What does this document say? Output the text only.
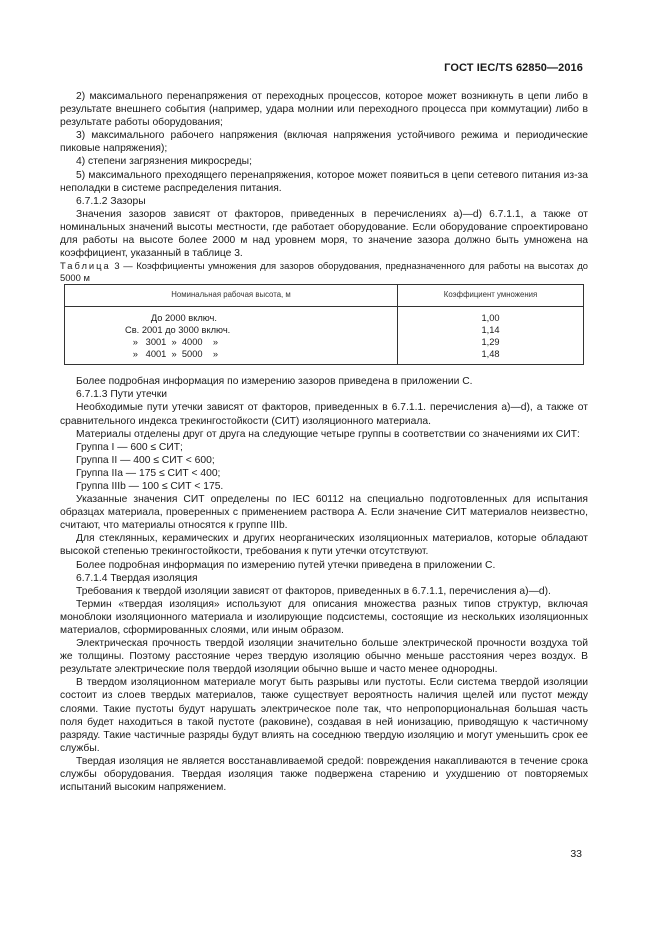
ГОСТ IEC/TS 62850—2016

2) максимального перенапряжения от переходных процессов, которое может возникнуть в цепи либо в результате внешнего события (например, удара молнии или переходного процесса при коммутации) либо в результате работы оборудования;

3) максимального рабочего напряжения (включая напряжения устойчивого режима и периодические пиковые напряжения);

4) степени загрязнения микросреды;

5) максимального преходящего перенапряжения, которое может появиться в цепи сетевого питания из-за неполадки в системе распределения питания.

6.7.1.2 Зазоры

Значения зазоров зависят от факторов, приведенных в перечислениях а)—d) 6.7.1.1, а также от номинальных значений высоты местности, где работает оборудование. Если оборудование спроектировано для работы на высоте более 2000 м над уровнем моря, то значение зазора должно быть умножена на коэффициент, указанный в таблице 3.

Таблица 3 — Коэффициенты умножения для зазоров оборудования, предназначенного для работы на высотах до 5000 м

Номинальная рабочая высота, м	Коэффициент умножения
До 2000 включ.	1,00
Св. 2001 до 3000 включ.	1,14
»   3001  »  4000    »	1,29
»   4001  »  5000    »	1,48

Более подробная информация по измерению зазоров приведена в приложении С.

6.7.1.3 Пути утечки

Необходимые пути утечки зависят от факторов, приведенных в 6.7.1.1. перечисления а)—d), а также от сравнительного индекса трекингостойкости (СИТ) изоляционного материала.

Материалы отделены друг от друга на следующие четыре группы в соответствии со значениями их СИТ:

Группа I — 600 ≤ СИТ;

Группа II — 400 ≤ СИТ < 600;

Группа IIa — 175 ≤ СИТ < 400;

Группа IIIb — 100 ≤ СИТ < 175.

Указанные значения СИТ определены по IEC 60112 на специально подготовленных для испытания образцах материала, проверенных с применением раствора А. Если значение СИТ материалов неизвестно, считают, что материалы относятся к группе IIIb.

Для стеклянных, керамических и других неорганических изоляционных материалов, которые обладают высокой степенью трекингостойкости, требования к пути утечки отсутствуют.

Более подробная информация по измерению путей утечки приведена в приложении С.

6.7.1.4 Твердая изоляция

Требования к твердой изоляции зависят от факторов, приведенных в 6.7.1.1, перечисления а)—d).

Термин «твердая изоляция» используют для описания множества разных типов структур, включая моноблоки изоляционного материала и изолирующие подсистемы, состоящие из нескольких изоляционных материалов, сформированных слоями, или иным образом.

Электрическая прочность твердой изоляции значительно больше электрической прочности воздуха той же толщины. Поэтому расстояние через твердую изоляцию обычно меньше расстояния через воздух. В результате электрические поля твердой изоляции обычно выше и часто менее однородны.

В твердом изоляционном материале могут быть разрывы или пустоты. Если система твердой изоляции состоит из слоев твердых материалов, также существует вероятность наличия щелей или пустот между слоями. Такие пустоты будут нарушать электрическое поле так, что непропорциональная большая часть поля будет находиться в такой пустоте (раковине), создавая в ней ионизацию, приводящую к частичному разряду. Такие частичные разряды будут влиять на соседнюю твердую изоляцию и могут уменьшить срок ее службы.

Твердая изоляция не является восстанавливаемой средой: повреждения накапливаются в течение срока службы оборудования. Твердая изоляция также подвержена старению и ухудшению от повторяемых испытаний высоким напряжением.

33
